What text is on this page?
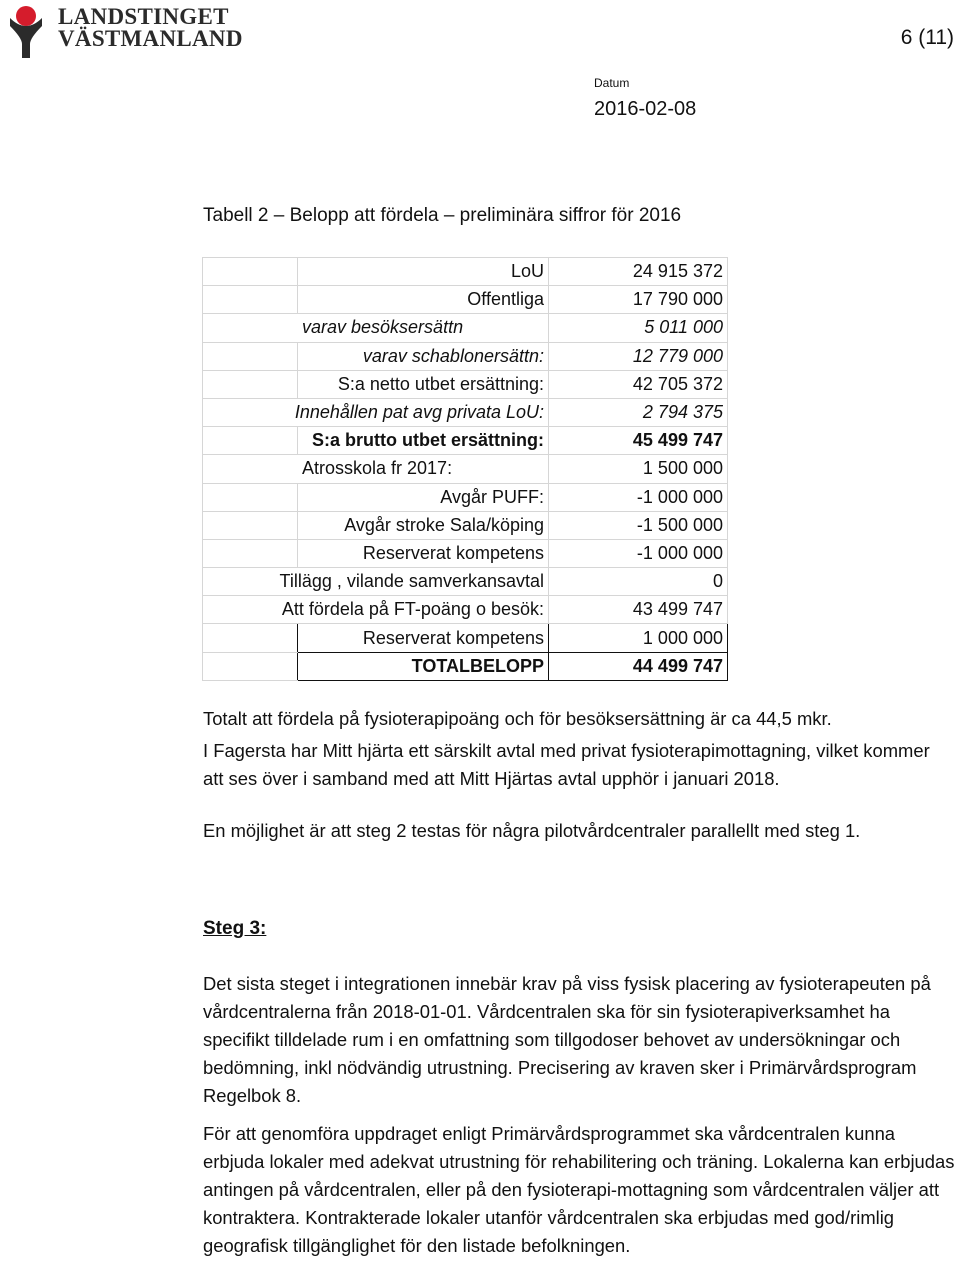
LANDSTINGET
VÄSTMANLAND	6 (11)
Datum
2016-02-08
Tabell 2 – Belopp att fördela – preliminära siffror för 2016
	LoU	24 915 372
	Offentliga	17 790 000
varav besöksersättn		5 011 000
	varav schablonersättn:	12 779 000
	S:a netto utbet ersättning:	42 705 372
Innehållen pat avg privata LoU:		2 794 375
	S:a brutto utbet ersättning:	45 499 747
Atrosskola fr 2017:		1 500 000
	Avgår PUFF:	-1 000 000
	Avgår stroke Sala/köping	-1 500 000
	Reserverat kompetens	-1 000 000
Tillägg , vilande samverkansavtal		0
Att fördela på FT-poäng o besök:		43 499 747
	Reserverat kompetens	1 000 000
	TOTALBELOPP	44 499 747

Totalt att fördela på fysioterapipoäng och för besöksersättning är ca 44,5 mkr.

I Fagersta har Mitt hjärta ett särskilt avtal med privat fysioterapimottagning, vilket kommer att ses över i samband med att Mitt Hjärtas avtal upphör i januari 2018.

En möjlighet är att steg 2 testas för några pilotvårdcentraler parallellt med steg 1.

Steg 3:

Det sista steget i integrationen innebär krav på viss fysisk placering av fysioterapeuten på vårdcentralerna från 2018-01-01. Vårdcentralen ska för sin fysioterapiverksamhet ha specifikt tilldelade rum i en omfattning som tillgodoser behovet av undersökningar och bedömning, inkl nödvändig utrustning. Precisering av kraven sker i Primärvårdsprogram Regelbok 8.

För att genomföra uppdraget enligt Primärvårdsprogrammet ska vårdcentralen kunna erbjuda lokaler med adekvat utrustning för rehabilitering och träning. Lokalerna kan erbjudas antingen på vårdcentralen, eller på den fysioterapi-mottagning som vårdcentralen väljer att kontraktera. Kontrakterade lokaler utanför vårdcentralen ska erbjudas med god/rimlig geografisk tillgänglighet för den listade befolkningen.
